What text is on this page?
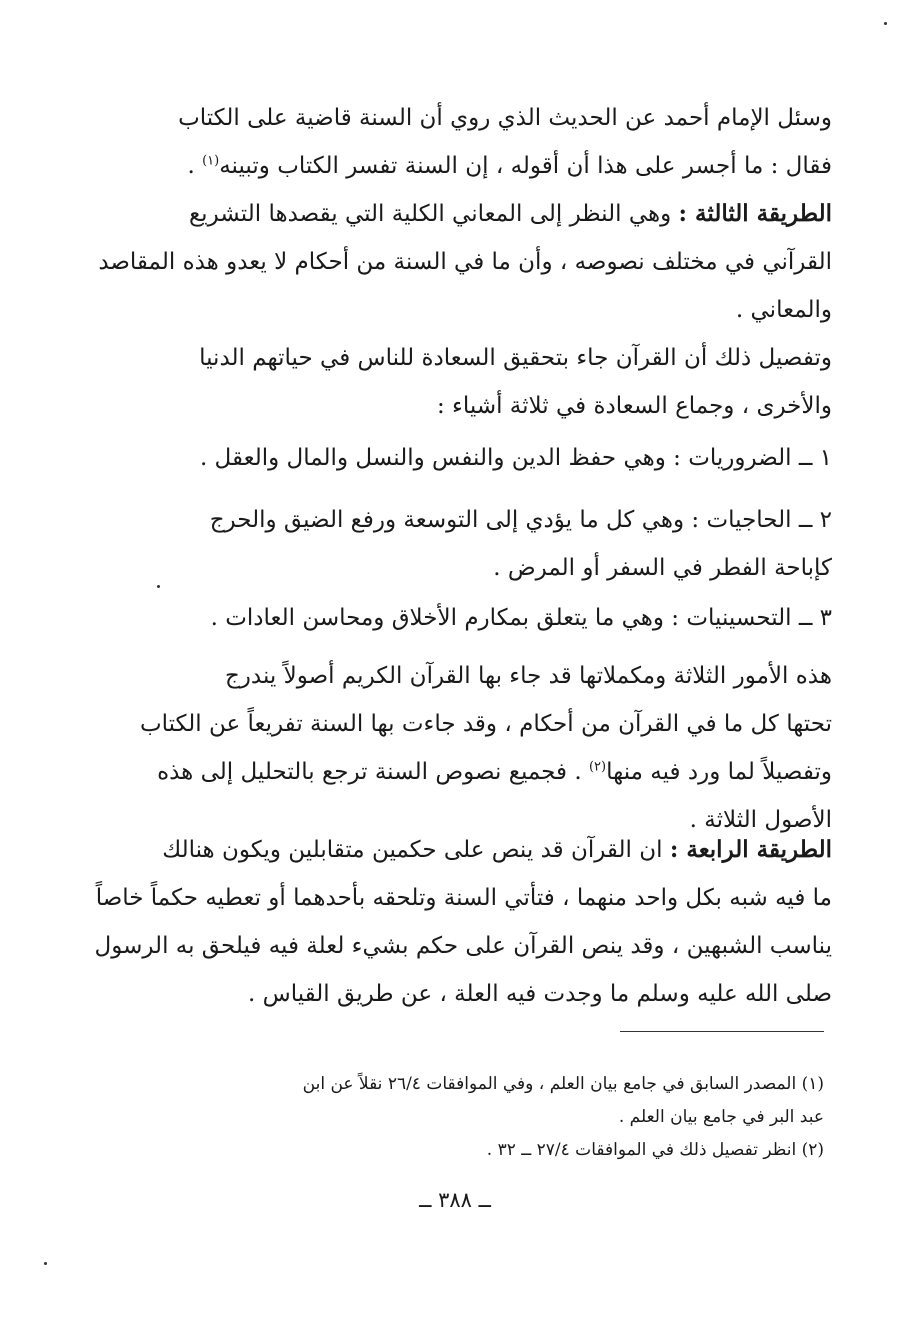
وسئل الإمام أحمد عن الحديث الذي روي أن السنة قاضية على الكتاب
فقال : ما أجسر على هذا أن أقوله ، إن السنة تفسر الكتاب وتبينه$^{(١)}$ .
الطريقة الثالثة : وهي النظر إلى المعاني الكلية التي يقصدها التشريع
القرآني في مختلف نصوصه ، وأن ما في السنة من أحكام لا يعدو هذه المقاصد
والمعاني .
وتفصيل ذلك أن القرآن جاء بتحقيق السعادة للناس في حياتهم الدنيا
والأخرى ، وجماع السعادة في ثلاثة أشياء :
١ ــ الضروريات : وهي حفظ الدين والنفس والنسل والمال والعقل .
٢ ــ الحاجيات : وهي كل ما يؤدي إلى التوسعة ورفع الضيق والحرج
كإباحة الفطر في السفر أو المرض .
٣ ــ التحسينيات : وهي ما يتعلق بمكارم الأخلاق ومحاسن العادات .
هذه الأمور الثلاثة ومكملاتها قد جاء بها القرآن الكريم أصولاً يندرج
تحتها كل ما في القرآن من أحكام ، وقد جاءت بها السنة تفريعاً عن الكتاب
وتفصيلاً لما ورد فيه منها$^{(٢)}$ . فجميع نصوص السنة ترجع بالتحليل إلى هذه
الأصول الثلاثة .
الطريقة الرابعة : ان القرآن قد ينص على حكمين متقابلين ويكون هنالك
ما فيه شبه بكل واحد منهما ، فتأتي السنة وتلحقه بأحدهما أو تعطيه حكماً خاصاً
يناسب الشبهين ، وقد ينص القرآن على حكم بشيء لعلة فيه فيلحق به الرسول
صلى الله عليه وسلم ما وجدت فيه العلة ، عن طريق القياس .
(١) المصدر السابق في جامع بيان العلم ، وفي الموافقات ٢٦/٤ نقلاً عن ابن
عبد البر في جامع بيان العلم .
(٢) انظر تفصيل ذلك في الموافقات ٢٧/٤ ــ ٣٢ .
ــ ٣٨٨ ــ
